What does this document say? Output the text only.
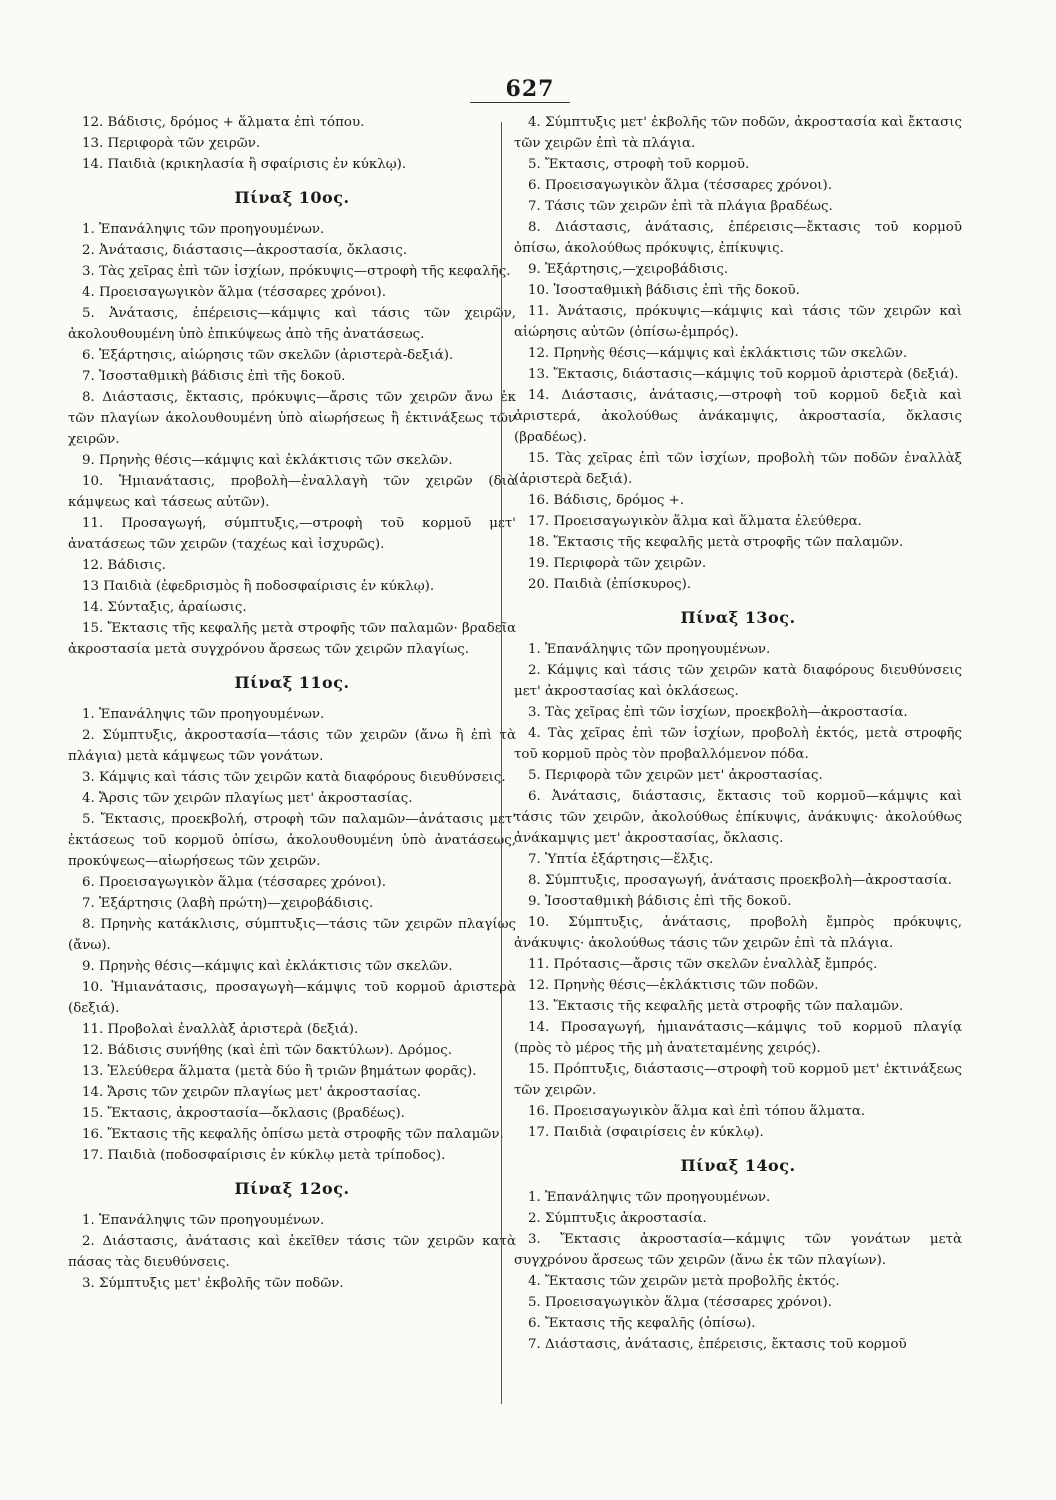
627

12. Βάδισις, δρόμος + ἅλματα ἐπὶ τόπου.

13. Περιφορὰ τῶν χειρῶν.

14. Παιδιὰ (κρικηλασία ἢ σφαίρισις ἐν κύκλῳ).

Πίναξ 10ος.

1. Ἐπανάληψις τῶν προηγουμένων.

2. Ἀνάτασις, διάστασις—ἀκροστασία, ὄκλασις.

3. Τὰς χεῖρας ἐπὶ τῶν ἰσχίων, πρόκυψις—στροφὴ τῆς κεφαλῆς.

4. Προεισαγωγικὸν ἅλμα (τέσσαρες χρόνοι).

5. Ἀνάτασις, ἐπέρεισις—κάμψις καὶ τάσις τῶν χειρῶν, ἀκολουθουμένη ὑπὸ ἐπικύψεως ἀπὸ τῆς ἀνατάσεως.

6. Ἐξάρτησις, αἰώρησις τῶν σκελῶν (ἀριστερὰ-δεξιά).

7. Ἰσοσταθμικὴ βάδισις ἐπὶ τῆς δοκοῦ.

8. Διάστασις, ἔκτασις, πρόκυψις—ἄρσις τῶν χειρῶν ἄνω ἐκ τῶν πλαγίων ἀκολουθουμένη ὑπὸ αἰωρήσεως ἢ ἐκτινάξεως τῶν χειρῶν.

9. Πρηνὴς θέσις—κάμψις καὶ ἐκλάκτισις τῶν σκελῶν.

10. Ἡμιανάτασις, προβολὴ—ἐναλλαγὴ τῶν χειρῶν (διὰ κάμψεως καὶ τάσεως αὐτῶν).

11. Προσαγωγή, σύμπτυξις,—στροφὴ τοῦ κορμοῦ μετ' ἀνατάσεως τῶν χειρῶν (ταχέως καὶ ἰσχυρῶς).

12. Βάδισις.

13 Παιδιὰ (ἐφεδρισμὸς ἢ ποδοσφαίρισις ἐν κύκλῳ).

14. Σύνταξις, ἀραίωσις.

15. Ἔκτασις τῆς κεφαλῆς μετὰ στροφῆς τῶν παλαμῶν· βραδεῖα ἀκροστασία μετὰ συγχρόνου ἄρσεως τῶν χειρῶν πλαγίως.

Πίναξ 11ος.

1. Ἐπανάληψις τῶν προηγουμένων.

2. Σύμπτυξις, ἀκροστασία—τάσις τῶν χειρῶν (ἄνω ἢ ἐπὶ τὰ πλάγια) μετὰ κάμψεως τῶν γονάτων.

3. Κάμψις καὶ τάσις τῶν χειρῶν κατὰ διαφόρους διευθύνσεις.

4. Ἄρσις τῶν χειρῶν πλαγίως μετ' ἀκροστασίας.

5. Ἔκτασις, προεκβολή, στροφὴ τῶν παλαμῶν—ἀνάτασις μετ' ἐκτάσεως τοῦ κορμοῦ ὀπίσω, ἀκολουθουμένη ὑπὸ ἀνατάσεως, προκύψεως—αἰωρήσεως τῶν χειρῶν.

6. Προεισαγωγικὸν ἅλμα (τέσσαρες χρόνοι).

7. Ἐξάρτησις (λαβὴ πρώτη)—χειροβάδισις.

8. Πρηνὴς κατάκλισις, σύμπτυξις—τάσις τῶν χειρῶν πλαγίως (ἄνω).

9. Πρηνὴς θέσις—κάμψις καὶ ἐκλάκτισις τῶν σκελῶν.

10. Ἡμιανάτασις, προσαγωγὴ—κάμψις τοῦ κορμοῦ ἀριστερὰ (δεξιά).

11. Προβολαὶ ἐναλλὰξ ἀριστερὰ (δεξιά).

12. Βάδισις συνήθης (καὶ ἐπὶ τῶν δακτύλων). Δρόμος.

13. Ἐλεύθερα ἅλματα (μετὰ δύο ἢ τριῶν βημάτων φορᾶς).

14. Ἄρσις τῶν χειρῶν πλαγίως μετ' ἀκροστασίας.

15. Ἔκτασις, ἀκροστασία—ὄκλασις (βραδέως).

16. Ἔκτασις τῆς κεφαλῆς ὀπίσω μετὰ στροφῆς τῶν παλαμῶν.

17. Παιδιὰ (ποδοσφαίρισις ἐν κύκλῳ μετὰ τρίποδος).

Πίναξ 12ος.

1. Ἐπανάληψις τῶν προηγουμένων.

2. Διάστασις, ἀνάτασις καὶ ἐκεῖθεν τάσις τῶν χειρῶν κατὰ πάσας τὰς διευθύνσεις.

3. Σύμπτυξις μετ' ἐκβολῆς τῶν ποδῶν.

4. Σύμπτυξις μετ' ἐκβολῆς τῶν ποδῶν, ἀκροστασία καὶ ἔκτασις τῶν χειρῶν ἐπὶ τὰ πλάγια.

5. Ἔκτασις, στροφὴ τοῦ κορμοῦ.

6. Προεισαγωγικὸν ἅλμα (τέσσαρες χρόνοι).

7. Τάσις τῶν χειρῶν ἐπὶ τὰ πλάγια βραδέως.

8. Διάστασις, ἀνάτασις, ἐπέρεισις—ἔκτασις τοῦ κορμοῦ ὀπίσω, ἀκολούθως πρόκυψις, ἐπίκυψις.

9. Ἐξάρτησις,—χειροβάδισις.

10. Ἰσοσταθμικὴ βάδισις ἐπὶ τῆς δοκοῦ.

11. Ἀνάτασις, πρόκυψις—κάμψις καὶ τάσις τῶν χειρῶν καὶ αἰώρησις αὐτῶν (ὀπίσω-ἐμπρός).

12. Πρηνὴς θέσις—κάμψις καὶ ἐκλάκτισις τῶν σκελῶν.

13. Ἔκτασις, διάστασις—κάμψις τοῦ κορμοῦ ἀριστερὰ (δεξιά).

14. Διάστασις, ἀνάτασις,—στροφὴ τοῦ κορμοῦ δεξιὰ καὶ ἀριστερά, ἀκολούθως ἀνάκαμψις, ἀκροστασία, ὄκλασις (βραδέως).

15. Τὰς χεῖρας ἐπὶ τῶν ἰσχίων, προβολὴ τῶν ποδῶν ἐναλλὰξ (ἀριστερὰ δεξιά).

16. Βάδισις, δρόμος +.

17. Προεισαγωγικὸν ἅλμα καὶ ἅλματα ἐλεύθερα.

18. Ἔκτασις τῆς κεφαλῆς μετὰ στροφῆς τῶν παλαμῶν.

19. Περιφορὰ τῶν χειρῶν.

20. Παιδιὰ (ἐπίσκυρος).

Πίναξ 13ος.

1. Ἐπανάληψις τῶν προηγουμένων.

2. Κάμψις καὶ τάσις τῶν χειρῶν κατὰ διαφόρους διευθύνσεις μετ' ἀκροστασίας καὶ ὀκλάσεως.

3. Τὰς χεῖρας ἐπὶ τῶν ἰσχίων, προεκβολὴ—ἀκροστασία.

4. Τὰς χεῖρας ἐπὶ τῶν ἰσχίων, προβολὴ ἐκτός, μετὰ στροφῆς τοῦ κορμοῦ πρὸς τὸν προβαλλόμενον πόδα.

5. Περιφορὰ τῶν χειρῶν μετ' ἀκροστασίας.

6. Ἀνάτασις, διάστασις, ἔκτασις τοῦ κορμοῦ—κάμψις καὶ τάσις τῶν χειρῶν, ἀκολούθως ἐπίκυψις, ἀνάκυψις· ἀκολούθως ἀνάκαμψις μετ' ἀκροστασίας, ὄκλασις.

7. Ὑπτία ἐξάρτησις—ἕλξις.

8. Σύμπτυξις, προσαγωγή, ἀνάτασις προεκβολὴ—ἀκροστασία.

9. Ἰσοσταθμικὴ βάδισις ἐπὶ τῆς δοκοῦ.

10. Σύμπτυξις, ἀνάτασις, προβολὴ ἔμπρὸς πρόκυψις, ἀνάκυψις· ἀκολούθως τάσις τῶν χειρῶν ἐπὶ τὰ πλάγια.

11. Πρότασις—ἄρσις τῶν σκελῶν ἐναλλὰξ ἔμπρός.

12. Πρηνὴς θέσις—ἐκλάκτισις τῶν ποδῶν.

13. Ἔκτασις τῆς κεφαλῆς μετὰ στροφῆς τῶν παλαμῶν.

14. Προσαγωγή, ἡμιανάτασις—κάμψις τοῦ κορμοῦ πλαγίᾳ (πρὸς τὸ μέρος τῆς μὴ ἀνατεταμένης χειρός).

15. Πρόπτυξις, διάστασις—στροφὴ τοῦ κορμοῦ μετ' ἐκτινάξεως τῶν χειρῶν.

16. Προεισαγωγικὸν ἅλμα καὶ ἐπὶ τόπου ἅλματα.

17. Παιδιὰ (σφαιρίσεις ἐν κύκλῳ).

Πίναξ 14ος.

1. Ἐπανάληψις τῶν προηγουμένων.

2. Σύμπτυξις ἀκροστασία.

3. Ἔκτασις ἀκροστασία—κάμψις τῶν γονάτων μετὰ συγχρόνου ἄρσεως τῶν χειρῶν (ἄνω ἐκ τῶν πλαγίων).

4. Ἔκτασις τῶν χειρῶν μετὰ προβολῆς ἐκτός.

5. Προεισαγωγικὸν ἅλμα (τέσσαρες χρόνοι).

6. Ἔκτασις τῆς κεφαλῆς (ὀπίσω).

7. Διάστασις, ἀνάτασις, ἐπέρεισις, ἔκτασις τοῦ κορμοῦ
